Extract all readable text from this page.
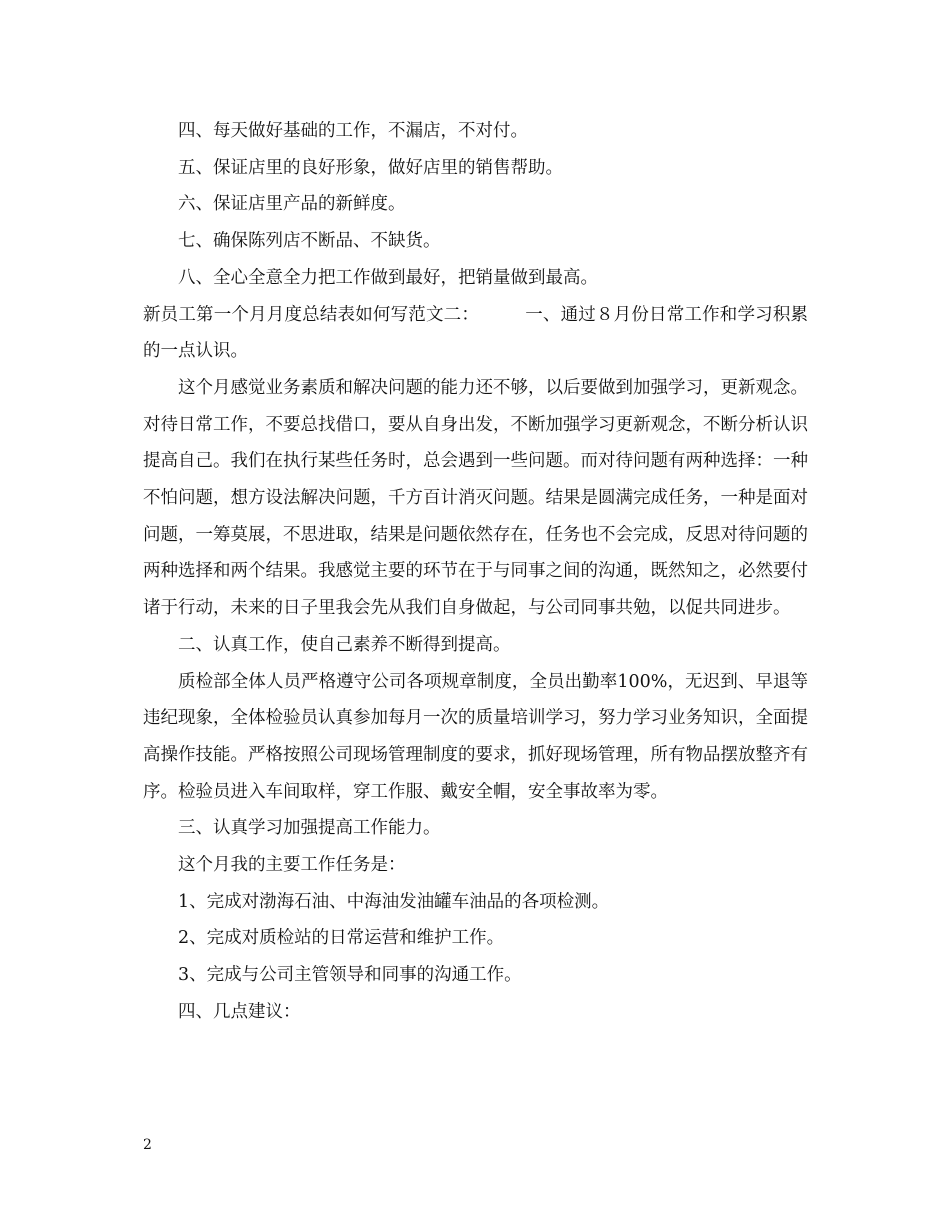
四、每天做好基础的工作，不漏店，不对付。

五、保证店里的良好形象，做好店里的销售帮助。

六、保证店里产品的新鲜度。

七、确保陈列店不断品、不缺货。

八、全心全意全力把工作做到最好，把销量做到最高。

新员工第一个月月度总结表如何写范文二：	一、通过８月份日常工作和学习积累的一点认识。

这个月感觉业务素质和解决问题的能力还不够，以后要做到加强学习，更新观念。对待日常工作，不要总找借口，要从自身出发，不断加强学习更新观念，不断分析认识提高自己。我们在执行某些任务时，总会遇到一些问题。而对待问题有两种选择：一种不怕问题，想方设法解决问题，千方百计消灭问题。结果是圆满完成任务，一种是面对问题，一筹莫展，不思进取，结果是问题依然存在，任务也不会完成，反思对待问题的两种选择和两个结果。我感觉主要的环节在于与同事之间的沟通，既然知之，必然要付诸于行动，未来的日子里我会先从我们自身做起，与公司同事共勉，以促共同进步。

二、认真工作，使自己素养不断得到提高。

质检部全体人员严格遵守公司各项规章制度，全员出勤率100%，无迟到、早退等违纪现象，全体检验员认真参加每月一次的质量培训学习，努力学习业务知识，全面提高操作技能。严格按照公司现场管理制度的要求，抓好现场管理，所有物品摆放整齐有序。检验员进入车间取样，穿工作服、戴安全帽，安全事故率为零。

三、认真学习加强提高工作能力。

这个月我的主要工作任务是：

1、完成对渤海石油、中海油发油罐车油品的各项检测。

2、完成对质检站的日常运营和维护工作。

3、完成与公司主管领导和同事的沟通工作。

四、几点建议：

2
